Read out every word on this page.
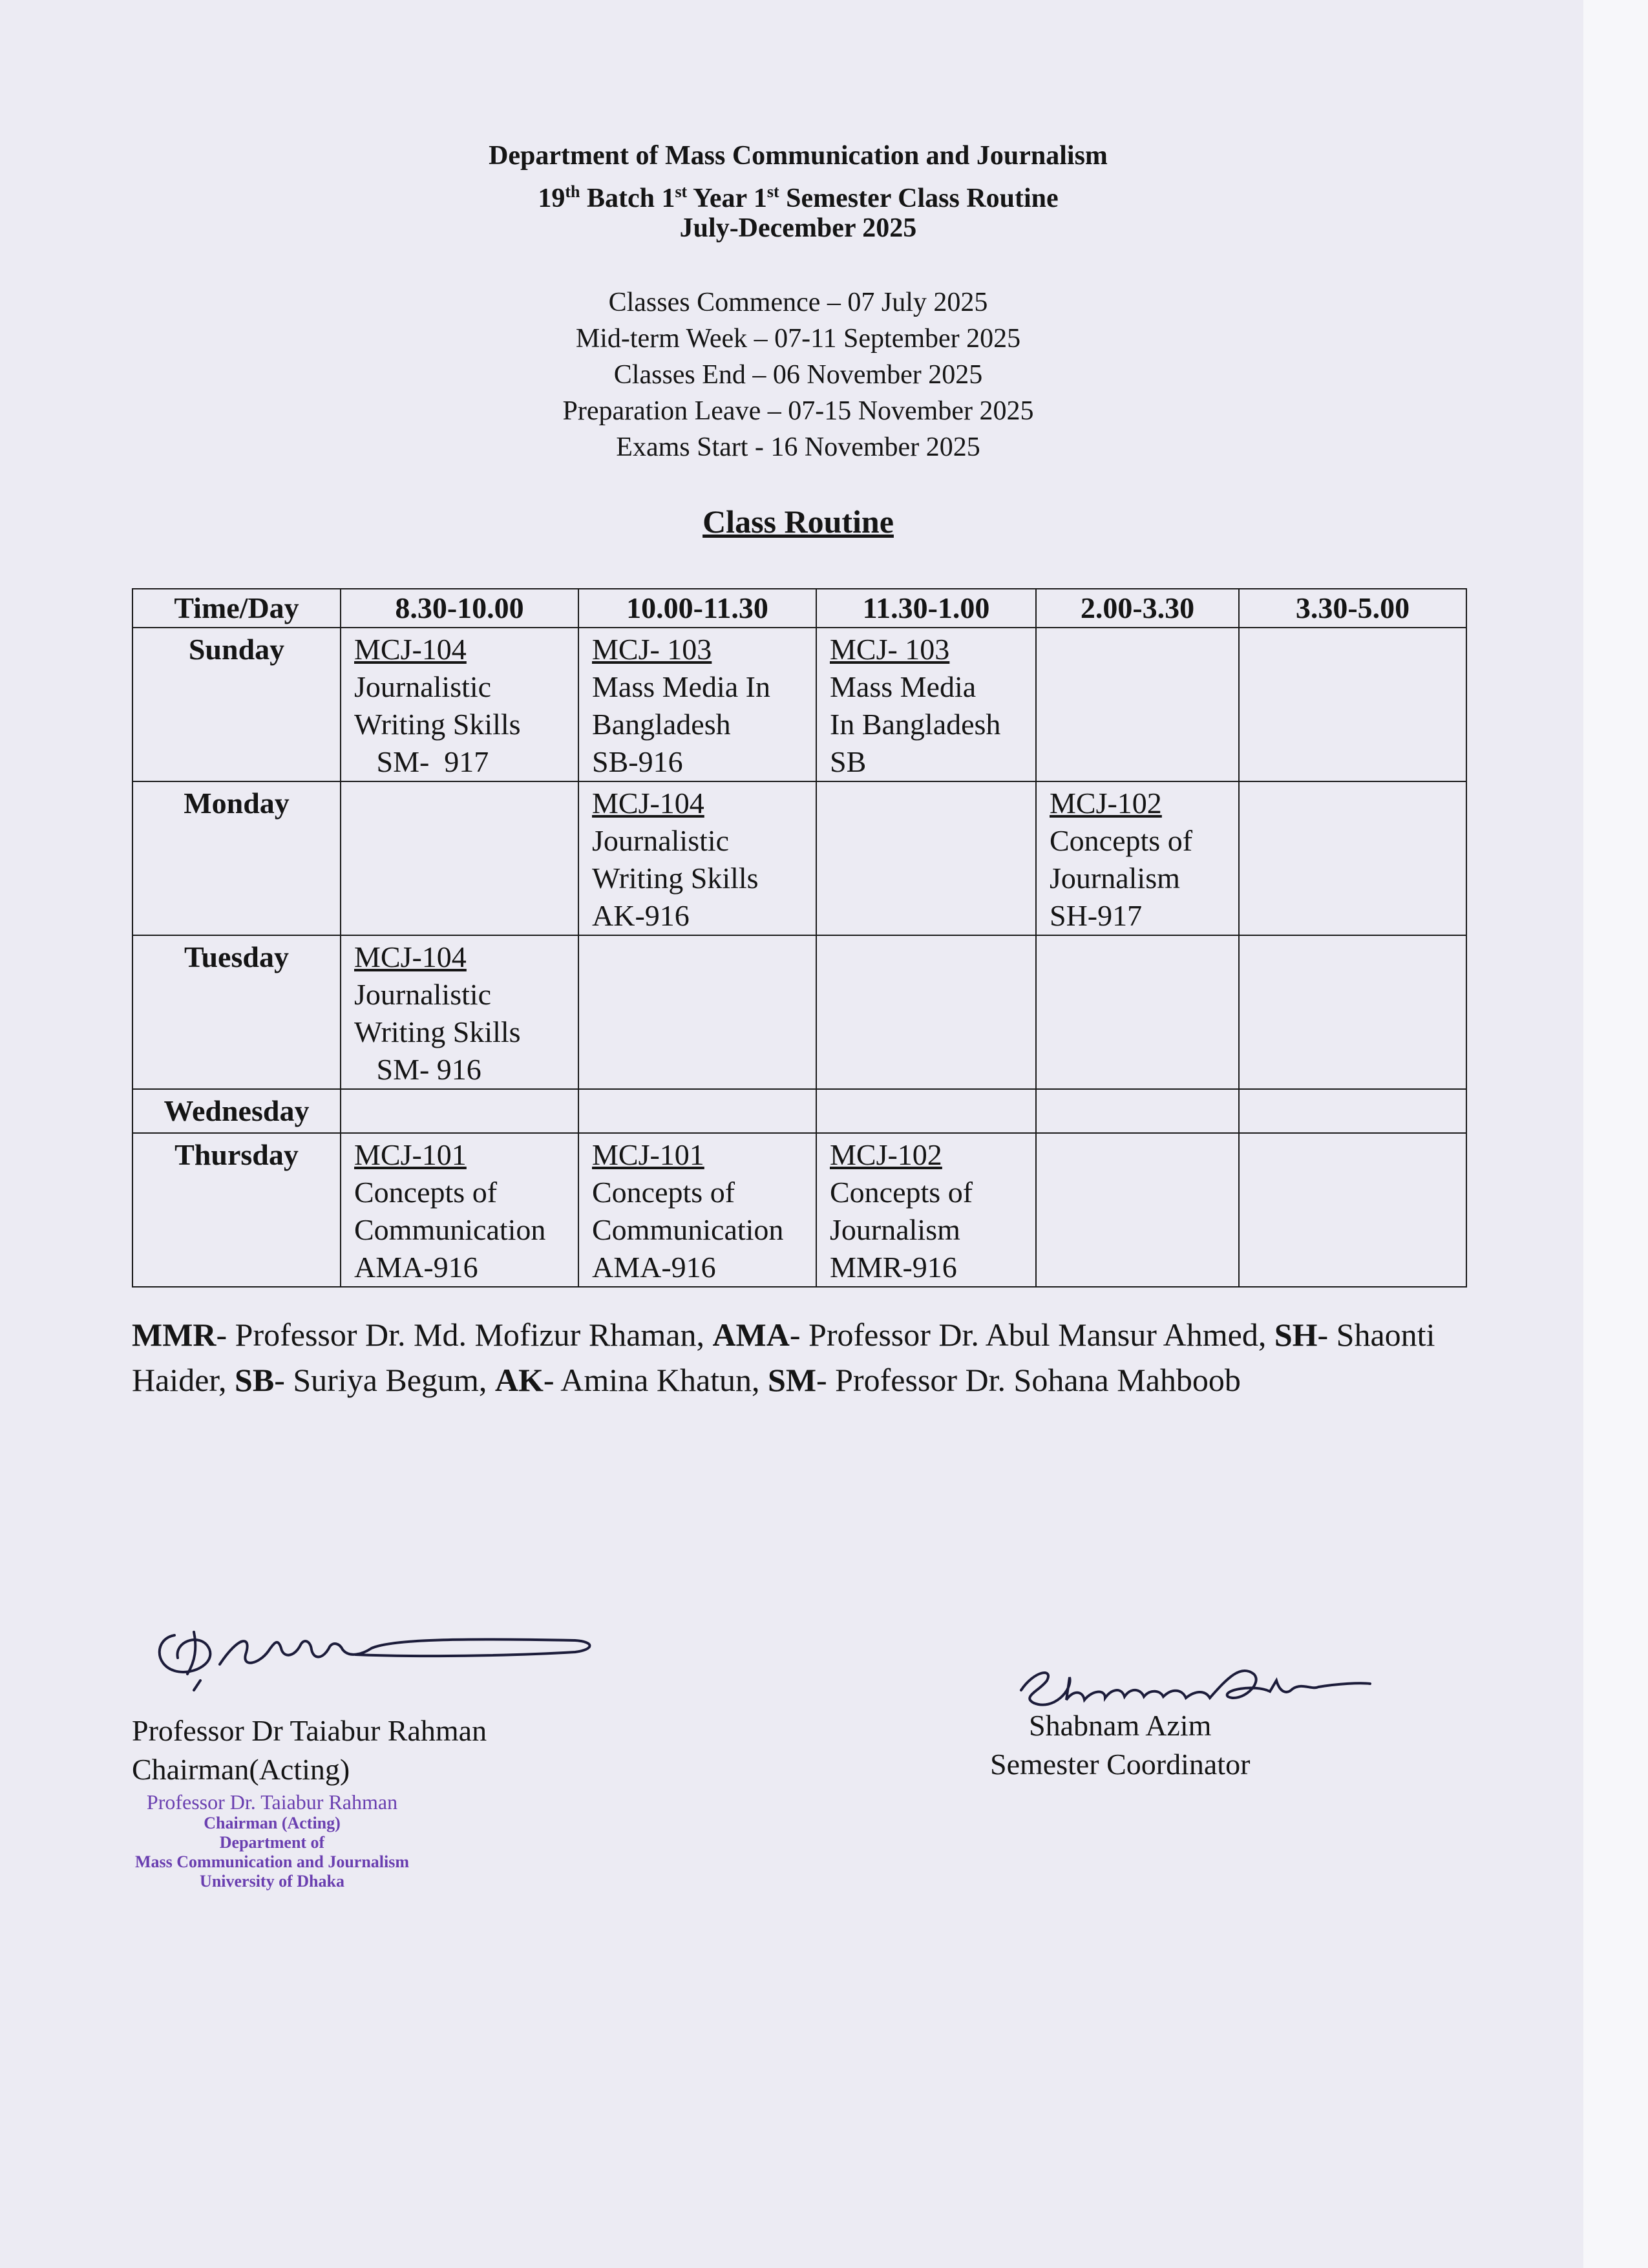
Department of Mass Communication and Journalism
19th Batch 1st Year 1st Semester Class Routine
July-December 2025
Classes Commence – 07 July 2025
Mid-term Week – 07-11 September 2025
Classes End – 06 November 2025
Preparation Leave – 07-15 November 2025
Exams Start - 16 November 2025
Class Routine
Time/Day	8.30-10.00	10.00-11.30	11.30-1.00	2.00-3.30	3.30-5.00
Sunday	MCJ-104
Journalistic
Writing Skills
SM-  917	MCJ- 103
Mass Media In
Bangladesh
SB-916	MCJ- 103
Mass Media
In Bangladesh
SB		

Monday		MCJ-104
Journalistic
Writing Skills
AK-916		MCJ-102
Concepts of
Journalism
SH-917	

Tuesday	MCJ-104
Journalistic
Writing Skills
SM- 916				

Wednesday					
Thursday	MCJ-101
Concepts of
Communication
AMA-916	MCJ-101
Concepts of
Communication
AMA-916	MCJ-102
Concepts of
Journalism
MMR-916		

MMR- Professor Dr. Md. Mofizur Rhaman, AMA- Professor Dr. Abul Mansur Ahmed, SH- Shaonti Haider, SB- Suriya Begum, AK- Amina Khatun, SM- Professor Dr. Sohana Mahboob
Professor Dr Taiabur Rahman
Chairman(Acting)
Professor Dr. Taiabur Rahman
Chairman (Acting)
Department of
Mass Communication and Journalism
University of Dhaka
Shabnam Azim
Semester Coordinator
